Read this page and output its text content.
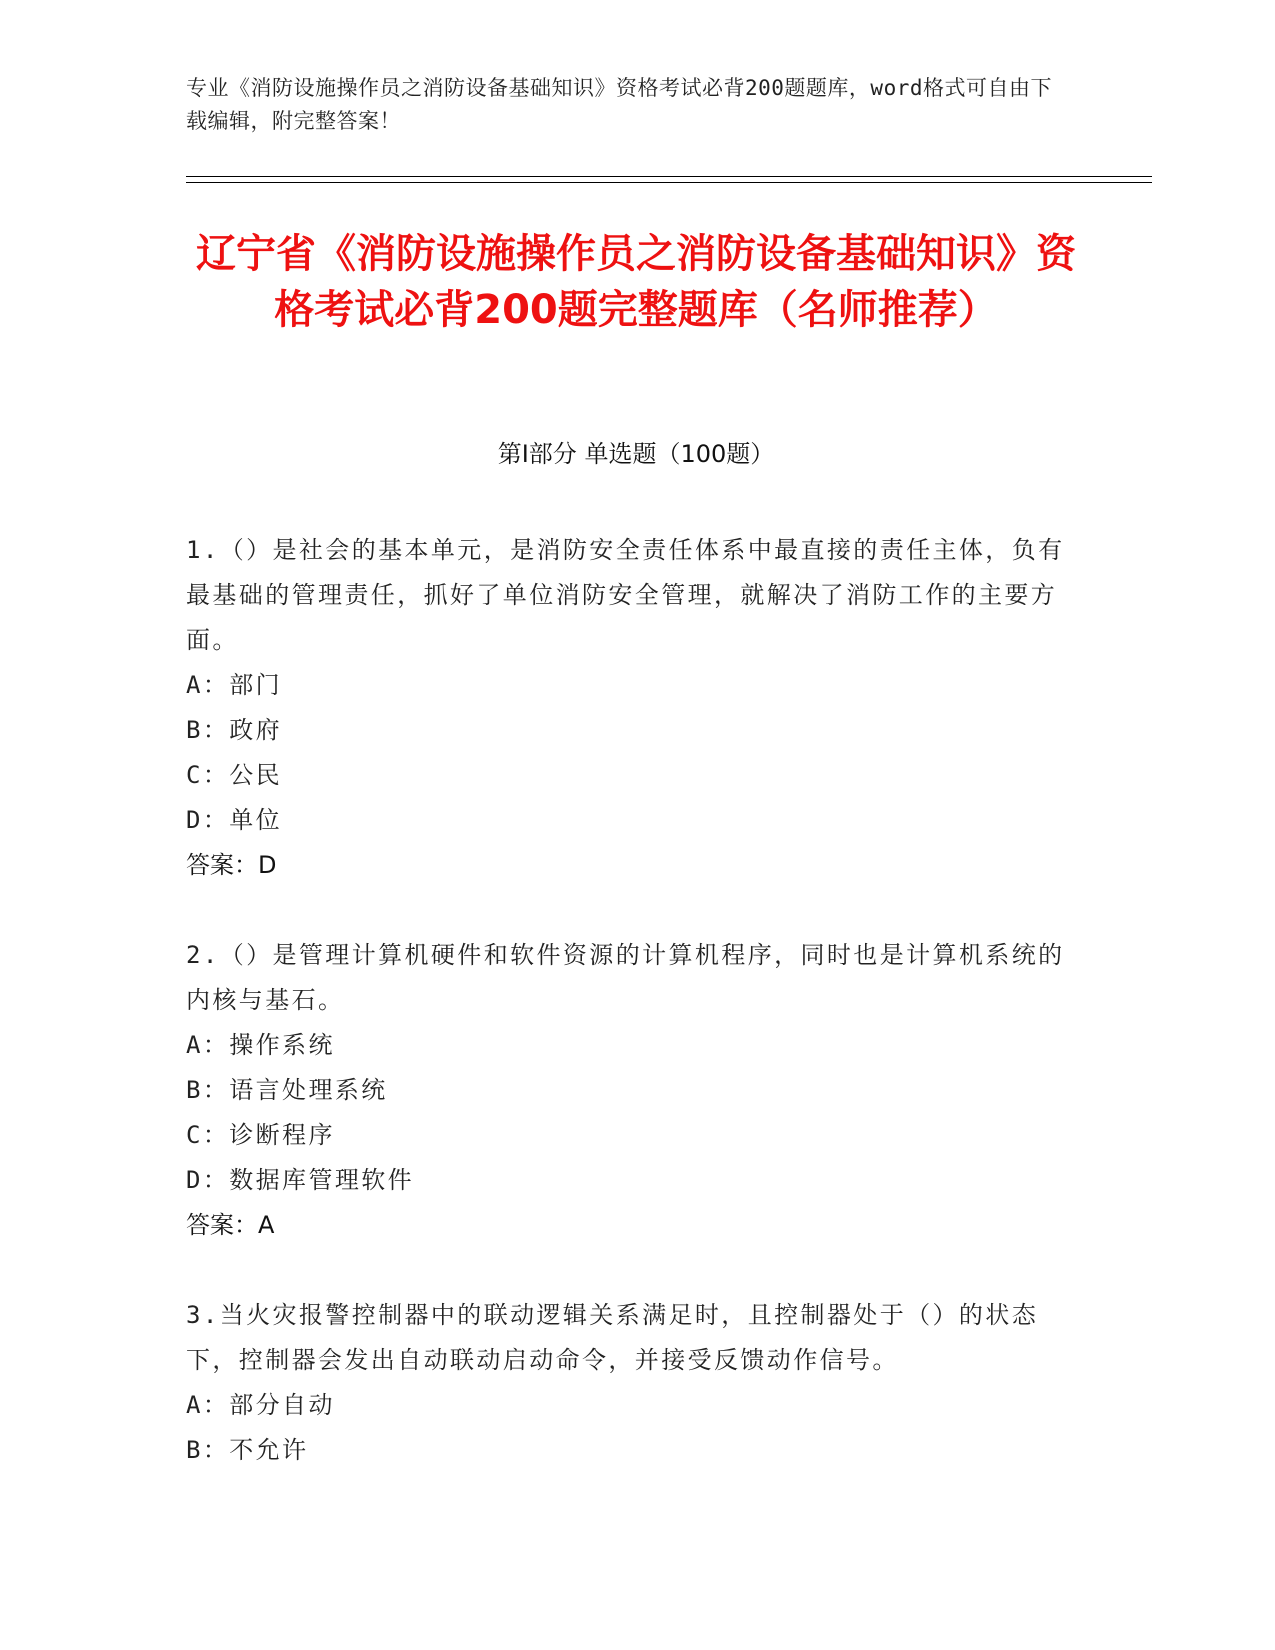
专业《消防设施操作员之消防设备基础知识》资格考试必背200题题库，word格式可自由下载编辑，附完整答案！
辽宁省《消防设施操作员之消防设备基础知识》资格考试必背200题完整题库（名师推荐）
第I部分 单选题（100题）
1.（）是社会的基本单元，是消防安全责任体系中最直接的责任主体，负有最基础的管理责任，抓好了单位消防安全管理，就解决了消防工作的主要方面。
A：部门
B：政府
C：公民
D：单位
答案：D
2.（）是管理计算机硬件和软件资源的计算机程序，同时也是计算机系统的内核与基石。
A：操作系统
B：语言处理系统
C：诊断程序
D：数据库管理软件
答案：A
3.当火灾报警控制器中的联动逻辑关系满足时，且控制器处于（）的状态下，控制器会发出自动联动启动命令，并接受反馈动作信号。
A：部分自动
B：不允许
